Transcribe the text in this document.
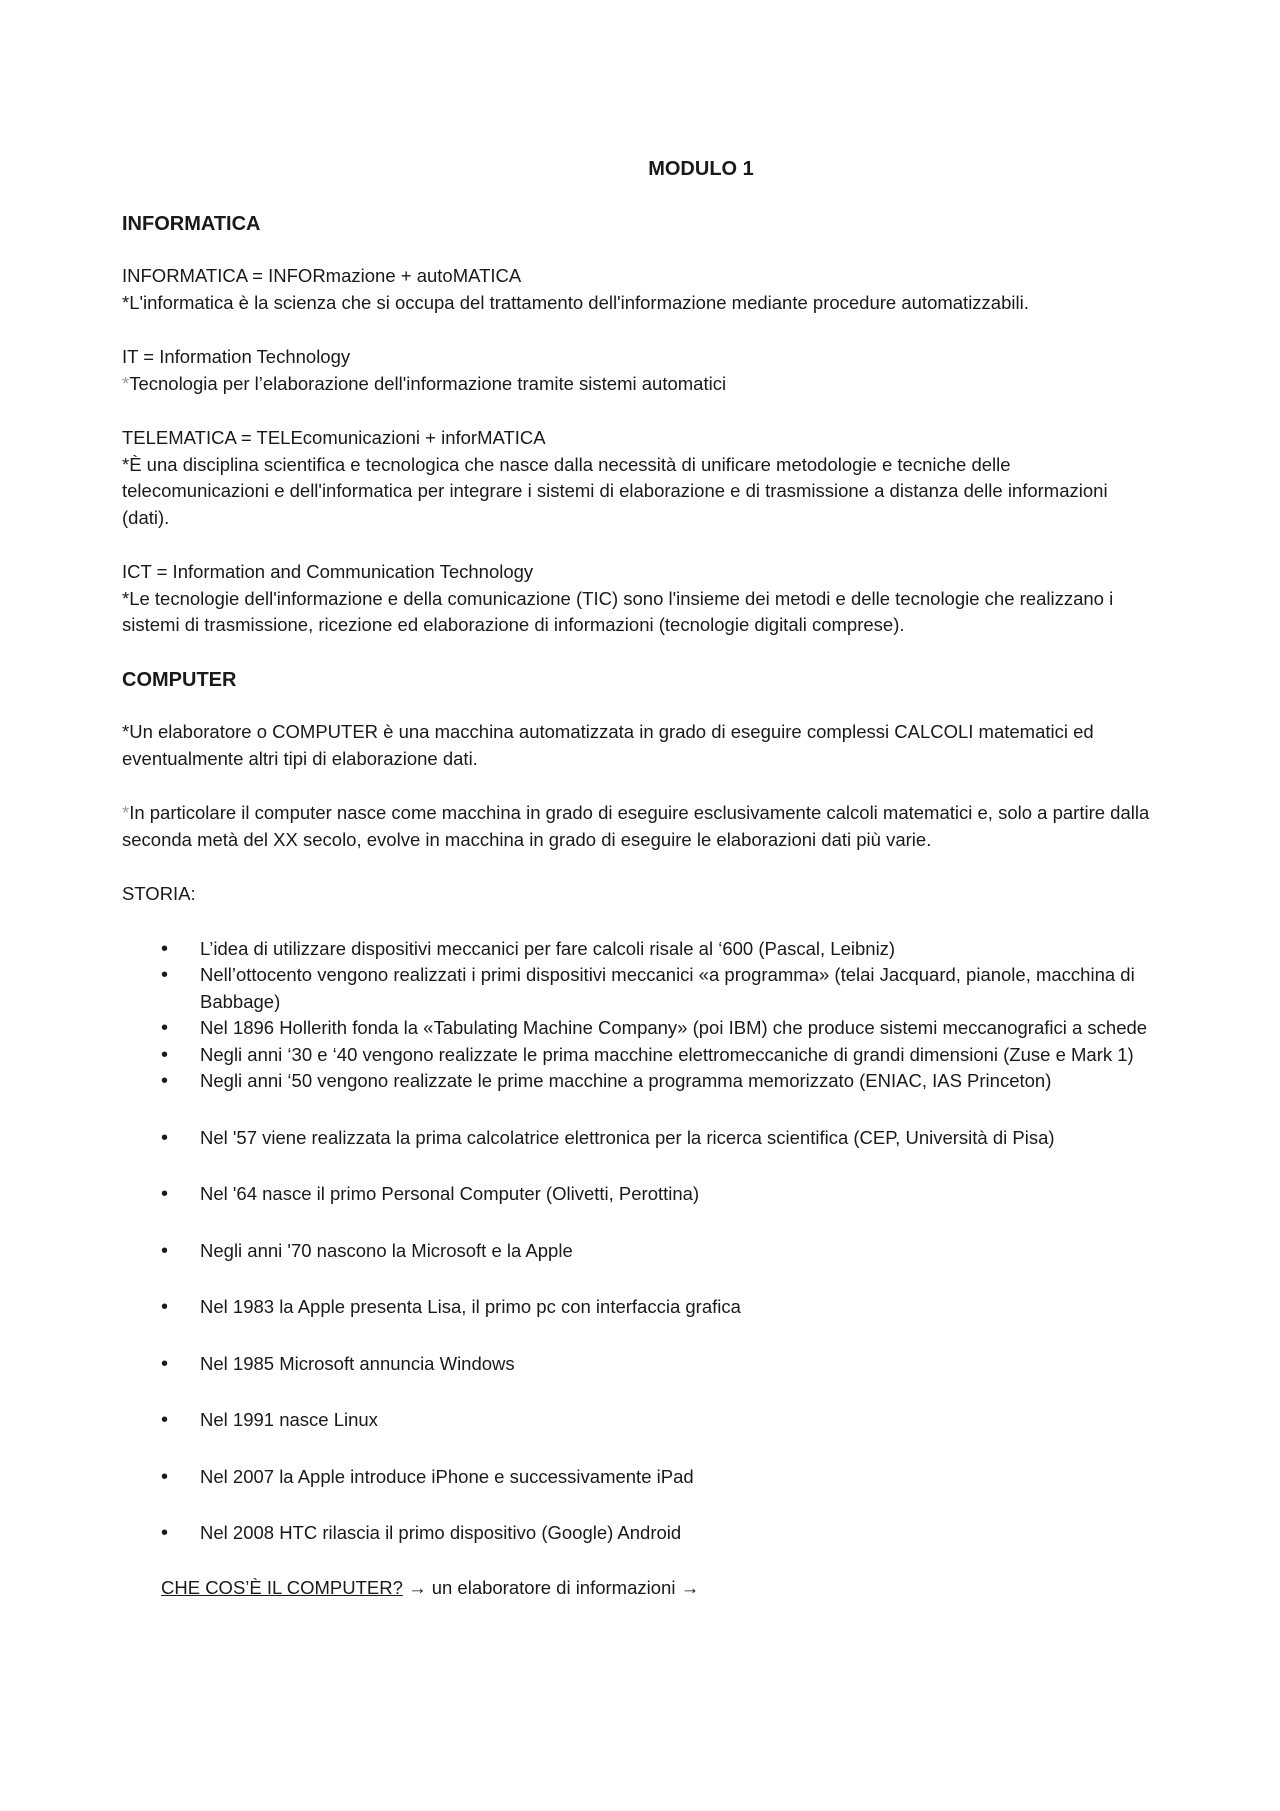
MODULO 1
INFORMATICA

INFORMATICA = INFORmazione + autoMATICA

*L'informatica è la scienza che si occupa del trattamento dell'informazione mediante procedure automatizzabili.

IT = Information Technology

*Tecnologia per l’elaborazione dell'informazione tramite sistemi automatici

TELEMATICA = TELEcomunicazioni + inforMATICA

*È una disciplina scientifica e tecnologica che nasce dalla necessità di unificare metodologie e tecniche delle telecomunicazioni e dell'informatica per integrare i sistemi di elaborazione e di trasmissione a distanza delle informazioni (dati).

ICT = Information and Communication Technology

*Le tecnologie dell'informazione e della comunicazione (TIC) sono l'insieme dei metodi e delle tecnologie che realizzano i sistemi di trasmissione, ricezione ed elaborazione di informazioni (tecnologie digitali comprese).

COMPUTER

*Un elaboratore o COMPUTER è una macchina automatizzata in grado di eseguire complessi CALCOLI matematici ed eventualmente altri tipi di elaborazione dati.

*In particolare il computer nasce come macchina in grado di eseguire esclusivamente calcoli matematici e, solo a partire dalla seconda metà del XX secolo, evolve in macchina in grado di eseguire le elaborazioni dati più varie.

STORIA:

• L’idea di utilizzare dispositivi meccanici per fare calcoli risale al ‘600 (Pascal, Leibniz)
• Nell’ottocento vengono realizzati i primi dispositivi meccanici «a programma» (telai Jacquard, pianole, macchina di Babbage)
• Nel 1896 Hollerith fonda la «Tabulating Machine Company» (poi IBM) che produce sistemi meccanografici a schede
• Negli anni ‘30 e ‘40 vengono realizzate le prima macchine elettromeccaniche di grandi dimensioni (Zuse e Mark 1)
• Negli anni ‘50 vengono realizzate le prime macchine a programma memorizzato (ENIAC, IAS Princeton)
• Nel '57 viene realizzata la prima calcolatrice elettronica per la ricerca scientifica (CEP, Università di Pisa)
• Nel '64 nasce il primo Personal Computer (Olivetti, Perottina)
• Negli anni '70 nascono la Microsoft e la Apple
• Nel 1983 la Apple presenta Lisa, il primo pc con interfaccia grafica
• Nel 1985 Microsoft annuncia Windows
• Nel 1991 nasce Linux
• Nel 2007 la Apple introduce iPhone e successivamente iPad
• Nel 2008 HTC rilascia il primo dispositivo (Google) Android

CHE COS’È IL COMPUTER? → un elaboratore di informazioni →
